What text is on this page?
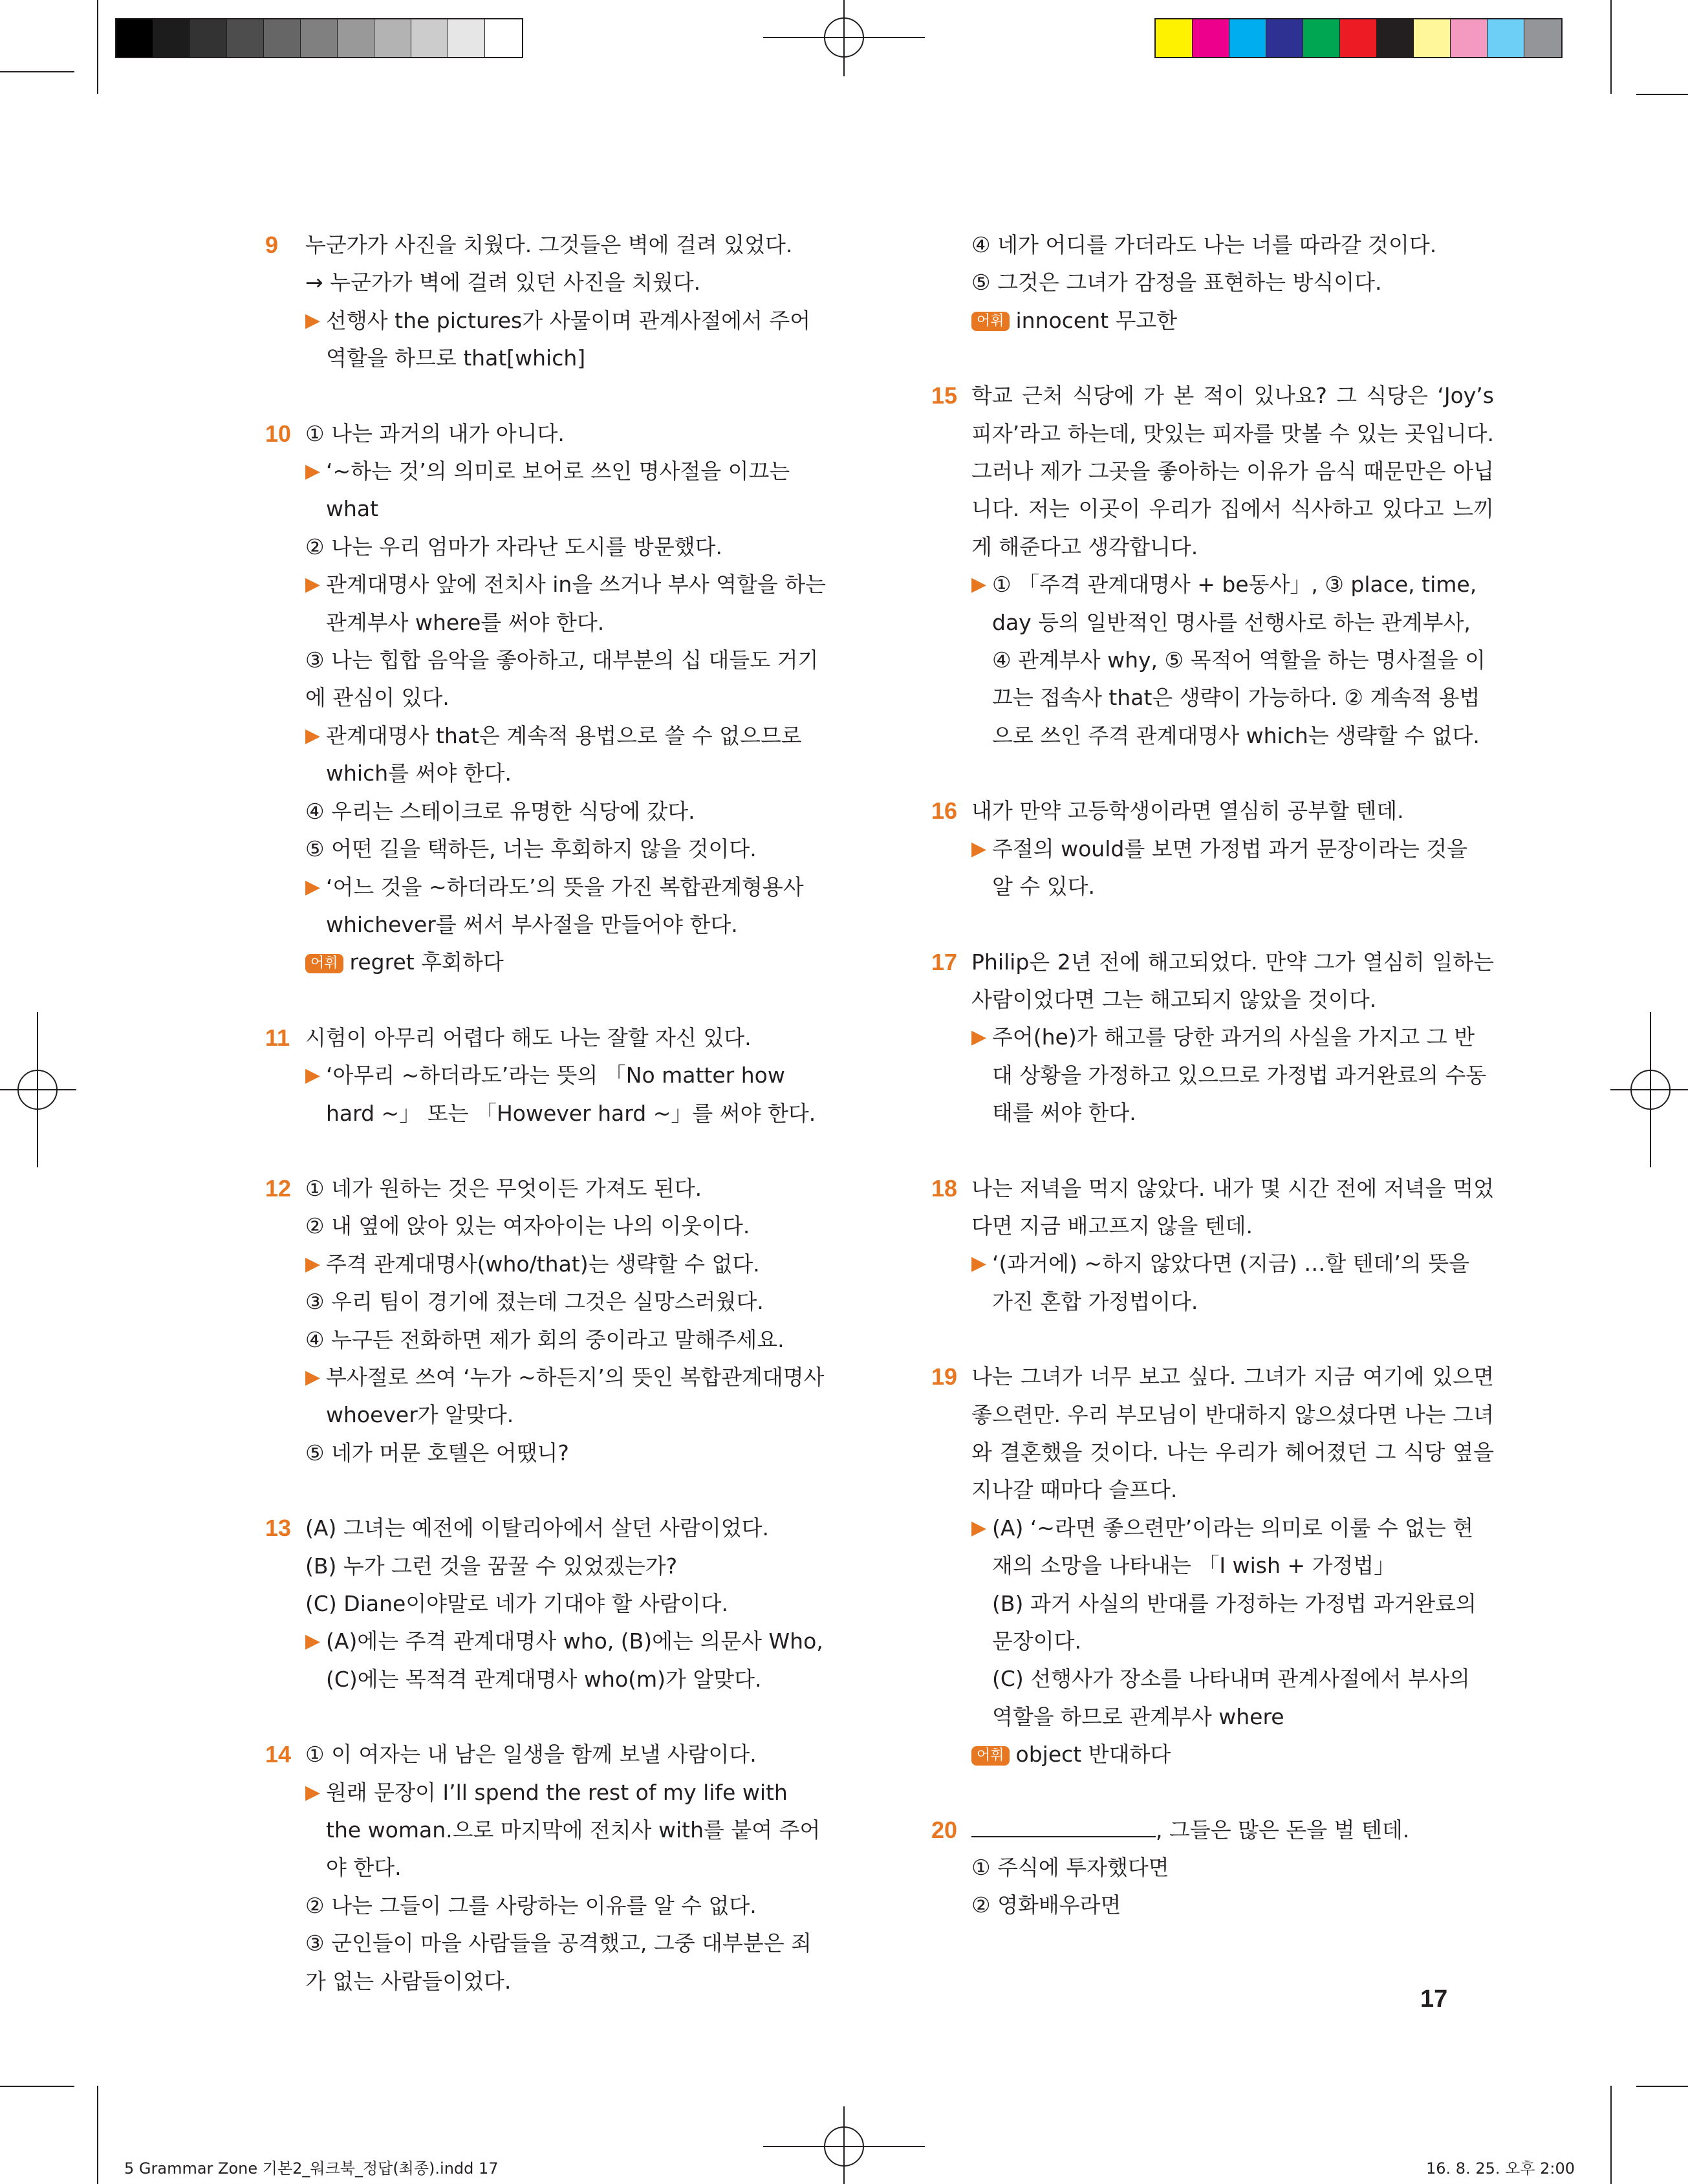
9 누군가가 사진을 치웠다. 그것들은 벽에 걸려 있었다.
→ 누군가가 벽에 걸려 있던 사진을 치웠다.
▶ 선행사 the pictures가 사물이며 관계사절에서 주어 역할을 하므로 that[which]
10 ① 나는 과거의 내가 아니다.
▶ ‘~하는 것’의 의미로 보어로 쓰인 명사절을 이끄는 what
② 나는 우리 엄마가 자라난 도시를 방문했다.
▶ 관계대명사 앞에 전치사 in을 쓰거나 부사 역할을 하는 관계부사 where를 써야 한다.
③ 나는 힙합 음악을 좋아하고, 대부분의 십 대들도 거기에 관심이 있다.
▶ 관계대명사 that은 계속적 용법으로 쓸 수 없으므로 which를 써야 한다.
④ 우리는 스테이크로 유명한 식당에 갔다.
⑤ 어떤 길을 택하든, 너는 후회하지 않을 것이다.
▶ ‘어느 것을 ~하더라도’의 뜻을 가진 복합관계형용사 whichever를 써서 부사절을 만들어야 한다.
어휘 regret 후회하다
11 시험이 아무리 어렵다 해도 나는 잘할 자신 있다.
▶ ‘아무리 ~하더라도’라는 뜻의 「No matter how hard ~」 또는 「However hard ~」를 써야 한다.
12 ① 네가 원하는 것은 무엇이든 가져도 된다.
② 내 옆에 앉아 있는 여자아이는 나의 이웃이다.
▶ 주격 관계대명사(who/that)는 생략할 수 없다.
③ 우리 팀이 경기에 졌는데 그것은 실망스러웠다.
④ 누구든 전화하면 제가 회의 중이라고 말해주세요.
▶ 부사절로 쓰여 ‘누가 ~하든지’의 뜻인 복합관계대명사 whoever가 알맞다.
⑤ 네가 머문 호텔은 어땠니?
13 (A) 그녀는 예전에 이탈리아에서 살던 사람이었다.
(B) 누가 그런 것을 꿈꿀 수 있었겠는가?
(C) Diane이야말로 네가 기대야 할 사람이다.
▶ (A)에는 주격 관계대명사 who, (B)에는 의문사 Who, (C)에는 목적격 관계대명사 who(m)가 알맞다.
14 ① 이 여자는 내 남은 일생을 함께 보낼 사람이다.
▶ 원래 문장이 I’ll spend the rest of my life with the woman.으로 마지막에 전치사 with를 붙여 주어야 한다.
② 나는 그들이 그를 사랑하는 이유를 알 수 없다.
③ 군인들이 마을 사람들을 공격했고, 그중 대부분은 죄가 없는 사람들이었다.
④ 네가 어디를 가더라도 나는 너를 따라갈 것이다.
⑤ 그것은 그녀가 감정을 표현하는 방식이다.
어휘 innocent 무고한
15 학교 근처 식당에 가 본 적이 있나요? 그 식당은 ‘Joy’s 피자’라고 하는데, 맛있는 피자를 맛볼 수 있는 곳입니다. 그러나 제가 그곳을 좋아하는 이유가 음식 때문만은 아닙니다. 저는 이곳이 우리가 집에서 식사하고 있다고 느끼게 해준다고 생각합니다.
▶ ① 「주격 관계대명사 + be동사」, ③ place, time, day 등의 일반적인 명사를 선행사로 하는 관계부사, ④ 관계부사 why, ⑤ 목적어 역할을 하는 명사절을 이끄는 접속사 that은 생략이 가능하다. ② 계속적 용법으로 쓰인 주격 관계대명사 which는 생략할 수 없다.
16 내가 만약 고등학생이라면 열심히 공부할 텐데.
▶ 주절의 would를 보면 가정법 과거 문장이라는 것을 알 수 있다.
17 Philip은 2년 전에 해고되었다. 만약 그가 열심히 일하는 사람이었다면 그는 해고되지 않았을 것이다.
▶ 주어(he)가 해고를 당한 과거의 사실을 가지고 그 반대 상황을 가정하고 있으므로 가정법 과거완료의 수동태를 써야 한다.
18 나는 저녁을 먹지 않았다. 내가 몇 시간 전에 저녁을 먹었다면 지금 배고프지 않을 텐데.
▶ ‘(과거에) ~하지 않았다면 (지금) …할 텐데’의 뜻을 가진 혼합 가정법이다.
19 나는 그녀가 너무 보고 싶다. 그녀가 지금 여기에 있으면 좋으련만. 우리 부모님이 반대하지 않으셨다면 나는 그녀와 결혼했을 것이다. 나는 우리가 헤어졌던 그 식당 옆을 지나갈 때마다 슬프다.
▶ (A) ‘~라면 좋으련만’이라는 의미로 이룰 수 없는 현재의 소망을 나타내는 「I wish + 가정법」
(B) 과거 사실의 반대를 가정하는 가정법 과거완료의 문장이다.
(C) 선행사가 장소를 나타내며 관계사절에서 부사의 역할을 하므로 관계부사 where
어휘 object 반대하다
20	, 그들은 많은 돈을 벌 텐데.
① 주식에 투자했다면
② 영화배우라면
17
5 Grammar Zone 기본2_워크북_정답(최종).indd 17	16. 8. 25. 오후 2:00
